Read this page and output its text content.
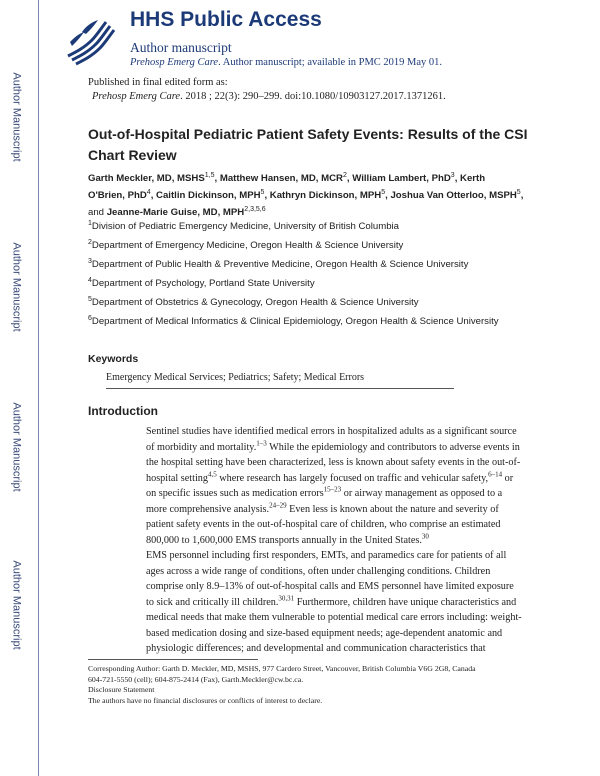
Author Manuscript
Author Manuscript
Author Manuscript
Author Manuscript
HHS Public Access
Author manuscript
Prehosp Emerg Care. Author manuscript; available in PMC 2019 May 01.
Published in final edited form as:
Prehosp Emerg Care. 2018 ; 22(3): 290–299. doi:10.1080/10903127.2017.1371261.
Out-of-Hospital Pediatric Patient Safety Events: Results of the CSI Chart Review

Garth Meckler, MD, MSHS$^{1,5}$, Matthew Hansen, MD, MCR$^2$, William Lambert, PhD$^3$, Kerth O'Brien, PhD$^4$, Caitlin Dickinson, MPH$^5$, Kathryn Dickinson, MPH$^5$, Joshua Van Otterloo, MSPH$^5$, and Jeanne-Marie Guise, MD, MPH$^{2,3,5,6}$

$^1$Division of Pediatric Emergency Medicine, University of British Columbia

$^2$Department of Emergency Medicine, Oregon Health & Science University

$^3$Department of Public Health & Preventive Medicine, Oregon Health & Science University

$^4$Department of Psychology, Portland State University

$^5$Department of Obstetrics & Gynecology, Oregon Health & Science University

$^6$Department of Medical Informatics & Clinical Epidemiology, Oregon Health & Science University

Keywords
Emergency Medical Services; Pediatrics; Safety; Medical Errors
Introduction

Sentinel studies have identified medical errors in hospitalized adults as a significant source of morbidity and mortality.$^{1-3}$ While the epidemiology and contributors to adverse events in the hospital setting have been characterized, less is known about safety events in the out-of-hospital setting$^{4,5}$ where research has largely focused on traffic and vehicular safety,$^{6-14}$ or on specific issues such as medication errors$^{15-23}$ or airway management as opposed to a more comprehensive analysis.$^{24-29}$ Even less is known about the nature and severity of patient safety events in the out-of-hospital care of children, who comprise an estimated 800,000 to 1,600,000 EMS transports annually in the United States.$^{30}$

EMS personnel including first responders, EMTs, and paramedics care for patients of all ages across a wide range of conditions, often under challenging conditions. Children comprise only 8.9–13% of out-of-hospital calls and EMS personnel have limited exposure to sick and critically ill children.$^{30,31}$ Furthermore, children have unique characteristics and medical needs that make them vulnerable to potential medical care errors including: weight-based medication dosing and size-based equipment needs; age-dependent anatomic and physiologic differences; and developmental and communication characteristics that

Corresponding Author: Garth D. Meckler, MD, MSHS, 977 Cardero Street, Vancouver, British Columbia V6G 2G8, Canada
604-721-5550 (cell); 604-875-2414 (Fax), Garth.Meckler@cw.bc.ca.
Disclosure Statement
The authors have no financial disclosures or conflicts of interest to declare.
